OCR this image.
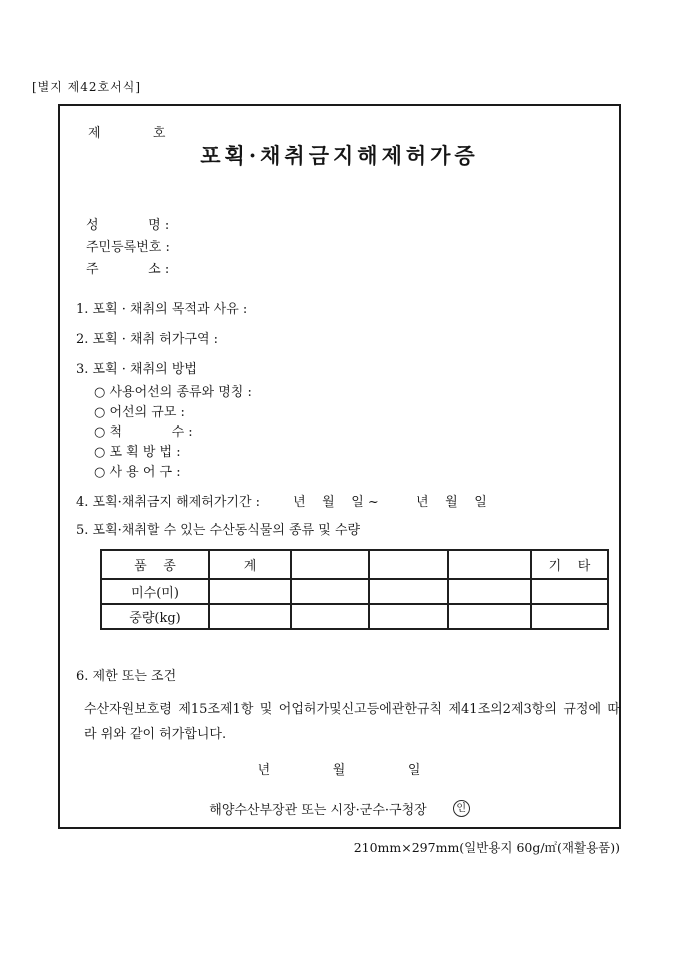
[별지 제42호서식]
제          호
포획·채취금지해제허가증
성            명 :
주민등록번호 :
주            소 :
1. 포획 · 채취의 목적과 사유 :
2. 포획 · 채취 허가구역 :
3. 포획 · 채취의 방법
○ 사용어선의 종류와 명칭 :
○ 어선의 규모 :
○ 척            수 :
○ 포 획 방 법 :
○ 사 용 어 구 :
4. 포획·채취금지 해제허가기간 :        년    월    일 ~         년    월    일
5. 포획·채취할 수 있는 수산동식물의 종류 및 수량
품    종	계				기    타
미수(미)					
중량(kg)					
6. 제한 또는 조건
수산자원보호령 제15조제1항 및 어업허가및신고등에관한규칙 제41조의2제3항의 규정에 따
라 위와 같이 허가합니다.
년            월            일
해양수산부장관 또는 시장·군수·구청장	인
210mm×297mm(일반용지 60g/㎡(재활용품))
